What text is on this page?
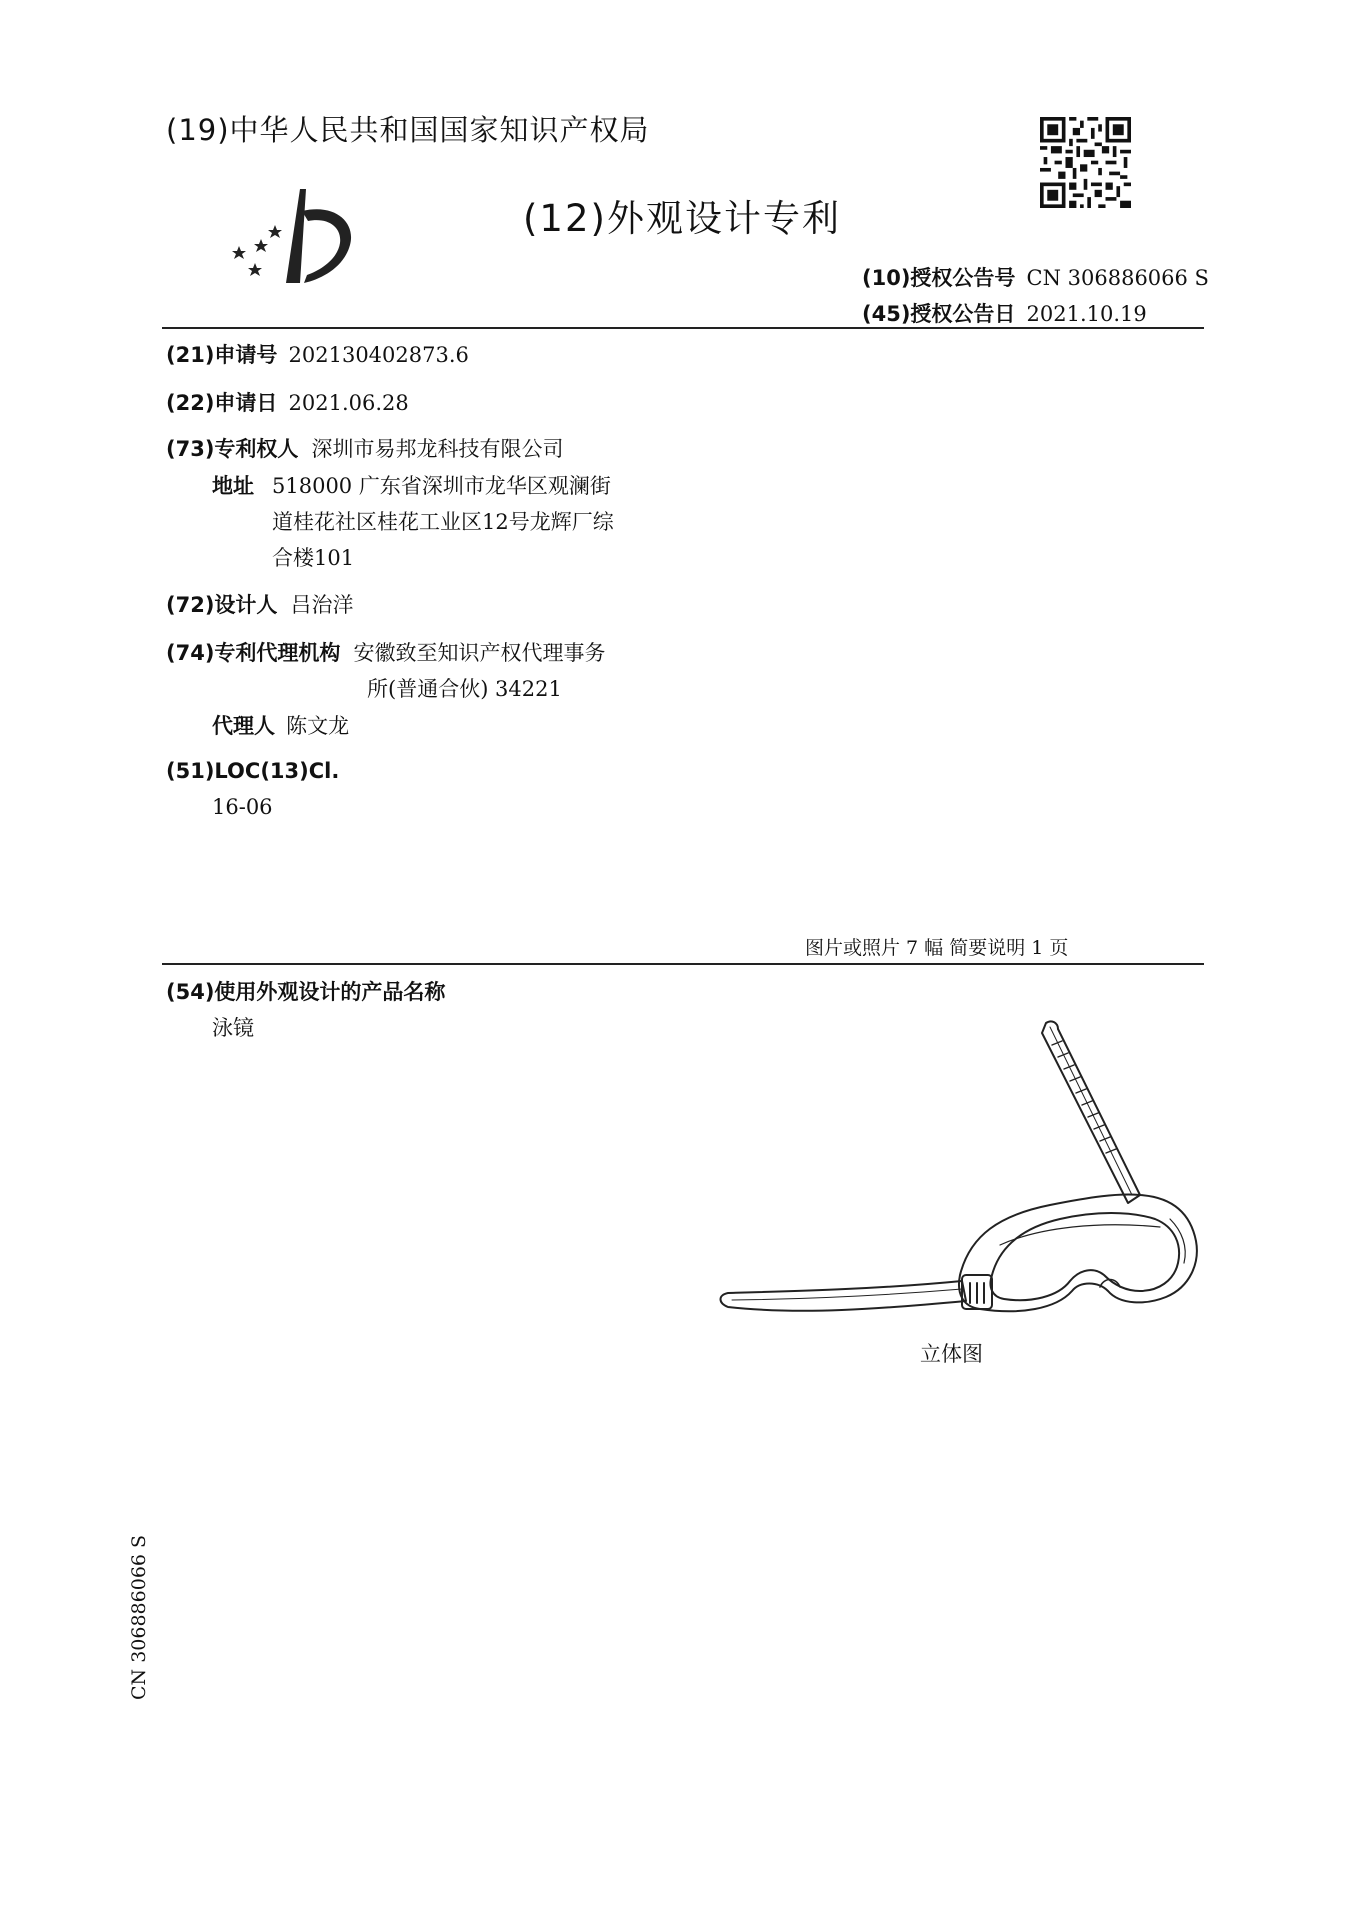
(19)中华人民共和国国家知识产权局
(12)外观设计专利
(10)授权公告号 CN 306886066 S
(45)授权公告日 2021.10.19
(21)申请号 202130402873.6
(22)申请日 2021.06.28
(73)专利权人 深圳市易邦龙科技有限公司
地址 518000 广东省深圳市龙华区观澜街
道桂花社区桂花工业区12号龙辉厂综
合楼101
(72)设计人 吕治洋
(74)专利代理机构 安徽致至知识产权代理事务
所(普通合伙) 34221
代理人 陈文龙
(51)LOC(13)Cl.
16-06
图片或照片 7 幅 简要说明 1 页
(54)使用外观设计的产品名称
泳镜
立体图
CN 306886066 S
